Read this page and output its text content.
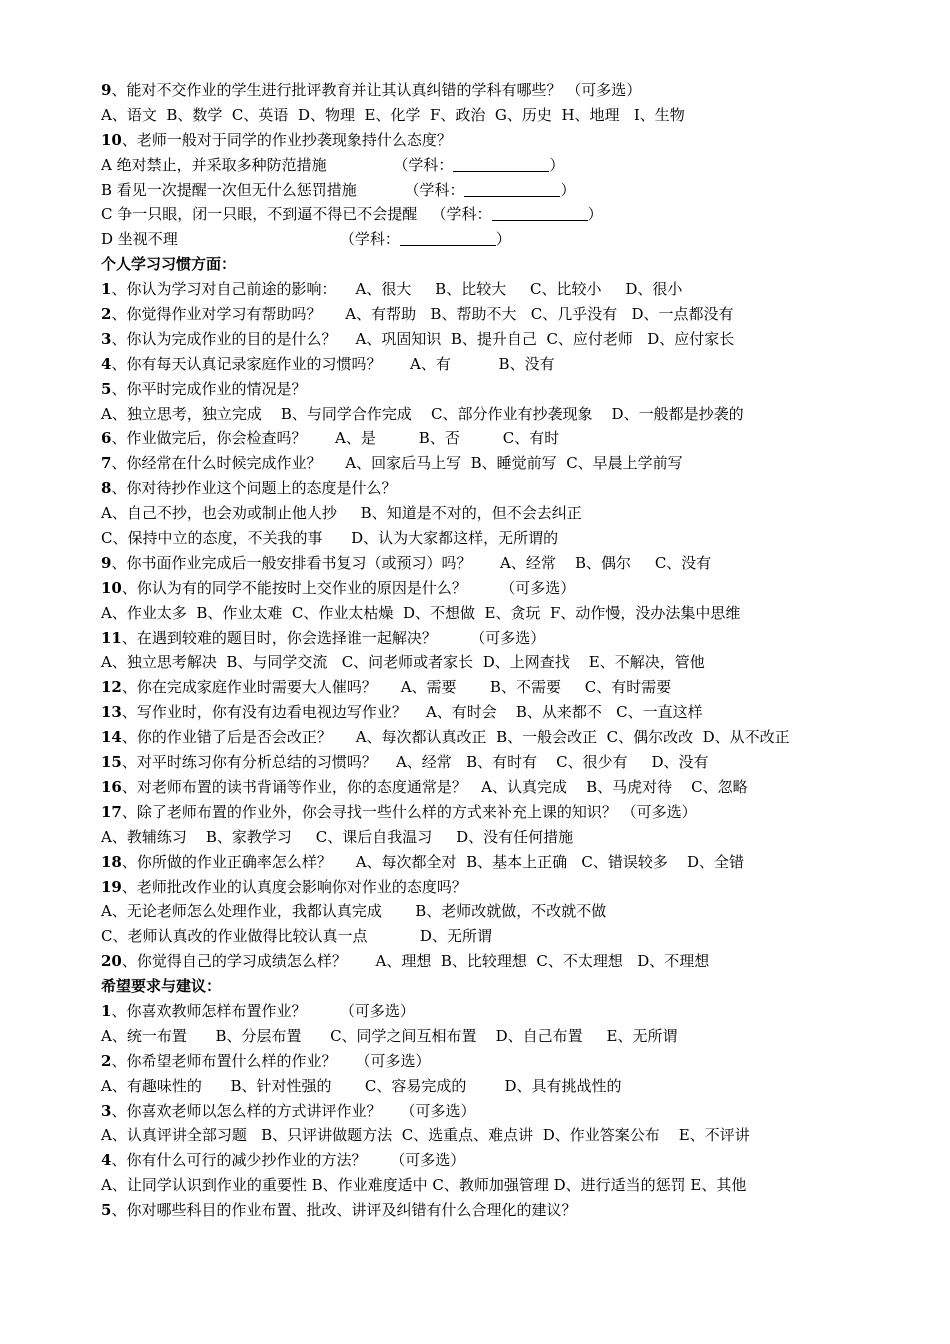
9、能对不交作业的学生进行批评教育并让其认真纠错的学科有哪些？ （可多选）
A、语文  B、数学  C、英语  D、物理  E、化学  F、政治  G、历史  H、地理   I、生物
10、老师一般对于同学的作业抄袭现象持什么态度？
A 绝对禁止，并采取多种防范措施              （学科：	）
B 看见一次提醒一次但无什么惩罚措施          （学科：	）
C 争一只眼，闭一只眼，不到逼不得已不会提醒   （学科：	）
D 坐视不理                                  （学科：	）
个人学习习惯方面：
1、你认为学习对自己前途的影响：    A、很大     B、比较大     C、比较小     D、很小
2、你觉得作业对学习有帮助吗？     A、有帮助   B、帮助不大   C、几乎没有   D、一点都没有
3、你认为完成作业的目的是什么？    A、巩固知识  B、提升自己  C、应付老师   D、应付家长
4、你有每天认真记录家庭作业的习惯吗？      A、有          B、没有
5、你平时完成作业的情况是？
A、独立思考，独立完成    B、与同学合作完成    C、部分作业有抄袭现象    D、一般都是抄袭的
6、作业做完后，你会检查吗？      A、是         B、否         C、有时
7、你经常在什么时候完成作业？     A、回家后马上写  B、睡觉前写  C、早晨上学前写
8、你对待抄作业这个问题上的态度是什么？
A、自己不抄，也会劝或制止他人抄     B、知道是不对的，但不会去纠正
C、保持中立的态度，不关我的事      D、认为大家都这样，无所谓的
9、你书面作业完成后一般安排看书复习（或预习）吗？      A、经常    B、偶尔     C、没有
10、你认为有的同学不能按时上交作业的原因是什么？       （可多选）
A、作业太多  B、作业太难  C、作业太枯燥  D、不想做  E、贪玩  F、动作慢，没办法集中思维
11、在遇到较难的题目时，你会选择谁一起解决？       （可多选）
A、独立思考解决  B、与同学交流   C、问老师或者家长  D、上网查找    E、不解决，管他
12、你在完成家庭作业时需要大人催吗？     A、需要       B、不需要     C、有时需要
13、写作业时，你有没有边看电视边写作业？    A、有时会    B、从来都不   C、一直这样
14、你的作业错了后是否会改正？     A、每次都认真改正  B、一般会改正  C、偶尔改改  D、从不改正
15、对平时练习你有分析总结的习惯吗？    A、经常   B、有时有    C、很少有     D、没有
16、对老师布置的读书背诵等作业，你的态度通常是？   A、认真完成    B、马虎对待    C、忽略
17、除了老师布置的作业外，你会寻找一些什么样的方式来补充上课的知识？ （可多选）
A、教辅练习    B、家教学习     C、课后自我温习     D、没有任何措施
18、你所做的作业正确率怎么样？     A、每次都全对  B、基本上正确   C、错误较多    D、全错
19、老师批改作业的认真度会影响你对作业的态度吗？
A、无论老师怎么处理作业，我都认真完成       B、老师改就做，不改就不做
C、老师认真改的作业做得比较认真一点           D、无所谓
20、你觉得自己的学习成绩怎么样？      A、理想  B、比较理想  C、不太理想   D、不理想
希望要求与建议：
1、你喜欢教师怎样布置作业？       （可多选）
A、统一布置      B、分层布置      C、同学之间互相布置    D、自己布置     E、无所谓
2、你希望老师布置什么样的作业？    （可多选）
A、有趣味性的      B、针对性强的       C、容易完成的        D、具有挑战性的
3、你喜欢老师以怎么样的方式讲评作业？    （可多选）
A、认真评讲全部习题   B、只评讲做题方法  C、选重点、难点讲  D、作业答案公布    E、不评讲
4、你有什么可行的减少抄作业的方法？     （可多选）
A、让同学认识到作业的重要性 B、作业难度适中 C、教师加强管理 D、进行适当的惩罚 E、其他
5、你对哪些科目的作业布置、批改、讲评及纠错有什么合理化的建议？
